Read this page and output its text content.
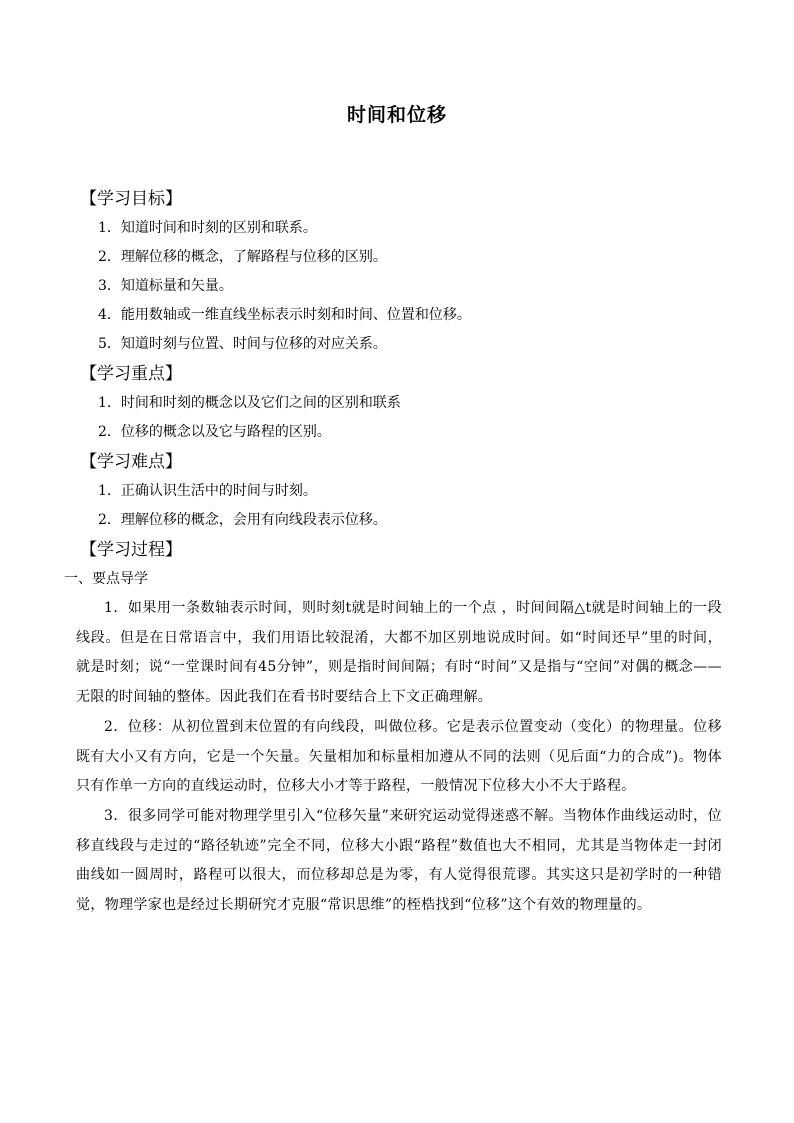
时间和位移
【学习目标】
1．知道时间和时刻的区别和联系。
2．理解位移的概念，了解路程与位移的区别。
3．知道标量和矢量。
4．能用数轴或一维直线坐标表示时刻和时间、位置和位移。
5．知道时刻与位置、时间与位移的对应关系。
【学习重点】
1．时间和时刻的概念以及它们之间的区别和联系
2．位移的概念以及它与路程的区别。
【学习难点】
1．正确认识生活中的时间与时刻。
2．理解位移的概念，会用有向线段表示位移。
【学习过程】
一、要点导学
1．如果用一条数轴表示时间，则时刻t就是时间轴上的一个点 ，时间间隔△t就是时间轴上的一段线段。但是在日常语言中，我们用语比较混淆，大都不加区别地说成时间。如“时间还早”里的时间，就是时刻；说“一堂课时间有45分钟”，则是指时间间隔；有时“时间”又是指与“空间”对偶的概念——无限的时间轴的整体。因此我们在看书时要结合上下文正确理解。
2．位移：从初位置到末位置的有向线段，叫做位移。它是表示位置变动（变化）的物理量。位移既有大小又有方向，它是一个矢量。矢量相加和标量相加遵从不同的法则（见后面“力的合成”)。物体只有作单一方向的直线运动时，位移大小才等于路程，一般情况下位移大小不大于路程。
3．很多同学可能对物理学里引入“位移矢量”来研究运动觉得迷惑不解。当物体作曲线运动时，位移直线段与走过的“路径轨迹”完全不同，位移大小跟“路程”数值也大不相同，尤其是当物体走一封闭曲线如一圆周时，路程可以很大，而位移却总是为零，有人觉得很荒谬。其实这只是初学时的一种错觉，物理学家也是经过长期研究才克服“常识思维”的桎梏找到“位移”这个有效的物理量的。
